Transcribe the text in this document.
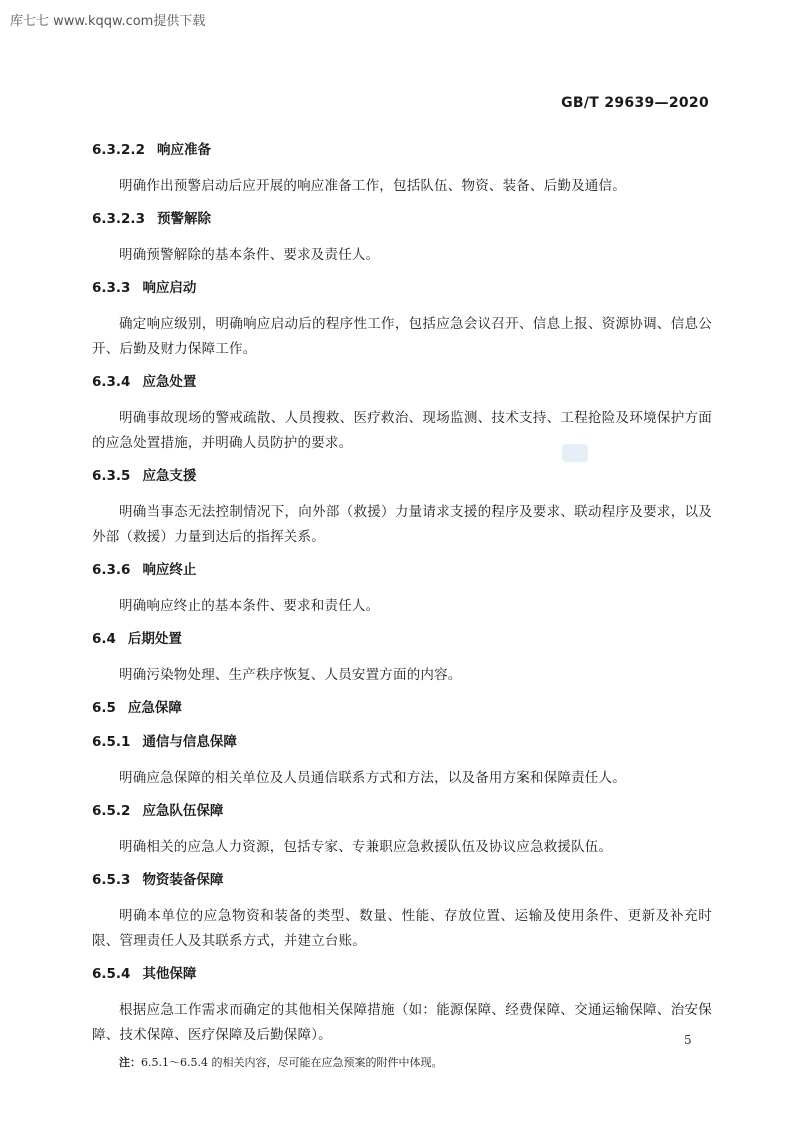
库七七 www.kqqw.com提供下载
GB/T 29639—2020
6.3.2.2 响应准备

明确作出预警启动后应开展的响应准备工作，包括队伍、物资、装备、后勤及通信。

6.3.2.3 预警解除

明确预警解除的基本条件、要求及责任人。

6.3.3 响应启动

确定响应级别，明确响应启动后的程序性工作，包括应急会议召开、信息上报、资源协调、信息公开、后勤及财力保障工作。

6.3.4 应急处置

明确事故现场的警戒疏散、人员搜救、医疗救治、现场监测、技术支持、工程抢险及环境保护方面的应急处置措施，并明确人员防护的要求。

6.3.5 应急支援

明确当事态无法控制情况下，向外部（救援）力量请求支援的程序及要求、联动程序及要求，以及外部（救援）力量到达后的指挥关系。

6.3.6 响应终止

明确响应终止的基本条件、要求和责任人。

6.4 后期处置

明确污染物处理、生产秩序恢复、人员安置方面的内容。

6.5 应急保障
6.5.1 通信与信息保障

明确应急保障的相关单位及人员通信联系方式和方法，以及备用方案和保障责任人。

6.5.2 应急队伍保障

明确相关的应急人力资源，包括专家、专兼职应急救援队伍及协议应急救援队伍。

6.5.3 物资装备保障

明确本单位的应急物资和装备的类型、数量、性能、存放位置、运输及使用条件、更新及补充时限、管理责任人及其联系方式，并建立台账。

6.5.4 其他保障

根据应急工作需求而确定的其他相关保障措施（如：能源保障、经费保障、交通运输保障、治安保障、技术保障、医疗保障及后勤保障）。

注：6.5.1～6.5.4 的相关内容，尽可能在应急预案的附件中体现。
5
